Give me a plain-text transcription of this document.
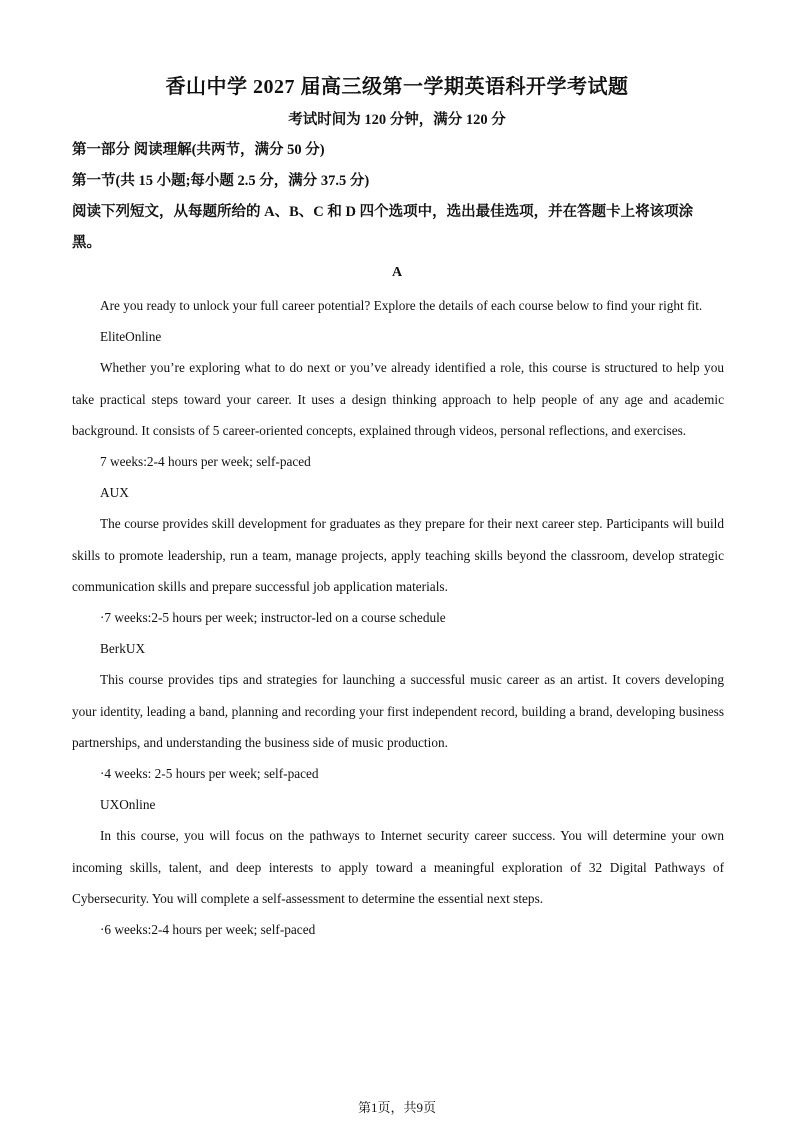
香山中学 2027 届高三级第一学期英语科开学考试题
考试时间为 120 分钟，满分 120 分
第一部分 阅读理解(共两节，满分 50 分)
第一节(共 15 小题;每小题 2.5 分，满分 37.5 分)
阅读下列短文，从每题所给的 A、B、C 和 D 四个选项中，选出最佳选项，并在答题卡上将该项涂黑。
A

Are you ready to unlock your full career potential? Explore the details of each course below to find your right fit.

EliteOnline

Whether you’re exploring what to do next or you’ve already identified a role, this course is structured to help you take practical steps toward your career. It uses a design thinking approach to help people of any age and academic background. It consists of 5 career-oriented concepts, explained through videos, personal reflections, and exercises.

7 weeks:2-4 hours per week; self-paced

AUX

The course provides skill development for graduates as they prepare for their next career step. Participants will build skills to promote leadership, run a team, manage projects, apply teaching skills beyond the classroom, develop strategic communication skills and prepare successful job application materials.

·7 weeks:2-5 hours per week; instructor-led on a course schedule

BerkUX

This course provides tips and strategies for launching a successful music career as an artist. It covers developing your identity, leading a band, planning and recording your first independent record, building a brand, developing business partnerships, and understanding the business side of music production.

·4 weeks: 2-5 hours per week; self-paced

UXOnline

In this course, you will focus on the pathways to Internet security career success. You will determine your own incoming skills, talent, and deep interests to apply toward a meaningful exploration of 32 Digital Pathways of Cybersecurity. You will complete a self-assessment to determine the essential next steps.

·6 weeks:2-4 hours per week; self-paced

第1页，共9页
